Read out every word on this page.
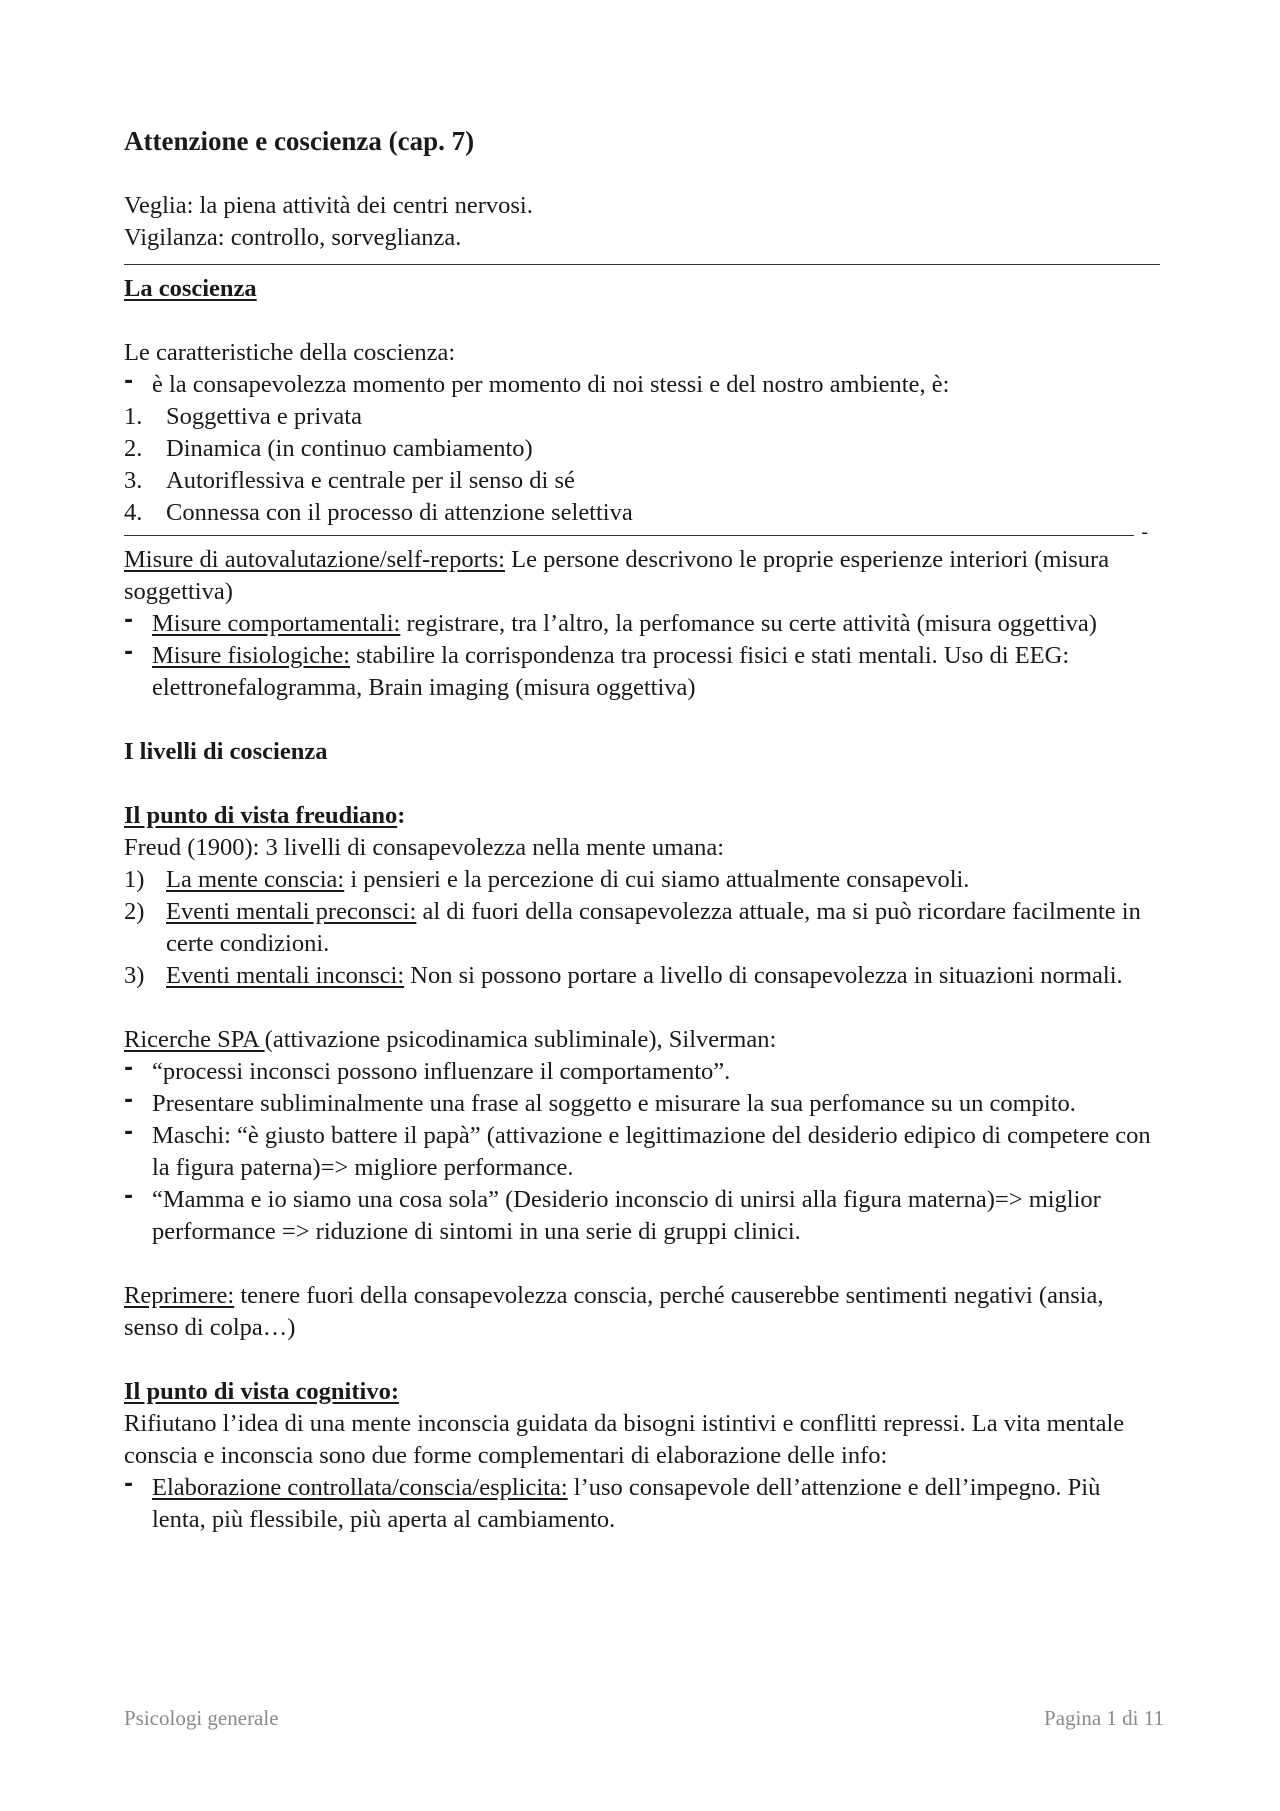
Attenzione e coscienza (cap. 7)

Veglia: la piena attività dei centri nervosi.

Vigilanza: controllo, sorveglianza.

La coscienza

Le caratteristiche della coscienza:

- è la consapevolezza momento per momento di noi stessi e del nostro ambiente, è:
1. Soggettiva e privata
2. Dinamica (in continuo cambiamento)
3. Autoriflessiva e centrale per il senso di sé
4. Connessa con il processo di attenzione selettiva
-

Misure di autovalutazione/self-reports: Le persone descrivono le proprie esperienze interiori (misura soggettiva)

- Misure comportamentali: registrare, tra l’altro, la perfomance su certe attività (misura oggettiva)
- Misure fisiologiche: stabilire la corrispondenza tra processi fisici e stati mentali. Uso di EEG: elettronefalogramma, Brain imaging (misura oggettiva)

I livelli di coscienza

Il punto di vista freudiano:

Freud (1900): 3 livelli di consapevolezza nella mente umana:

1) La mente conscia: i pensieri e la percezione di cui siamo attualmente consapevoli.
2) Eventi mentali preconsci: al di fuori della consapevolezza attuale, ma si può ricordare facilmente in certe condizioni.
3) Eventi mentali inconsci: Non si possono portare a livello di consapevolezza in situazioni normali.

Ricerche SPA (attivazione psicodinamica subliminale), Silverman:

- “processi inconsci possono influenzare il comportamento”.
- Presentare subliminalmente una frase al soggetto e misurare la sua perfomance su un compito.
- Maschi: “è giusto battere il papà” (attivazione e legittimazione del desiderio edipico di competere con la figura paterna)=> migliore performance.
- “Mamma e io siamo una cosa sola” (Desiderio inconscio di unirsi alla figura materna)=> miglior performance => riduzione di sintomi in una serie di gruppi clinici.

Reprimere: tenere fuori della consapevolezza conscia, perché causerebbe sentimenti negativi (ansia, senso di colpa…)

Il punto di vista cognitivo:

Rifiutano l’idea di una mente inconscia guidata da bisogni istintivi e conflitti repressi. La vita mentale conscia e inconscia sono due forme complementari di elaborazione delle info:

- Elaborazione controllata/conscia/esplicita: l’uso consapevole dell’attenzione e dell’impegno. Più lenta, più flessibile, più aperta al cambiamento.
Psicologi generale	Pagina 1 di 11
